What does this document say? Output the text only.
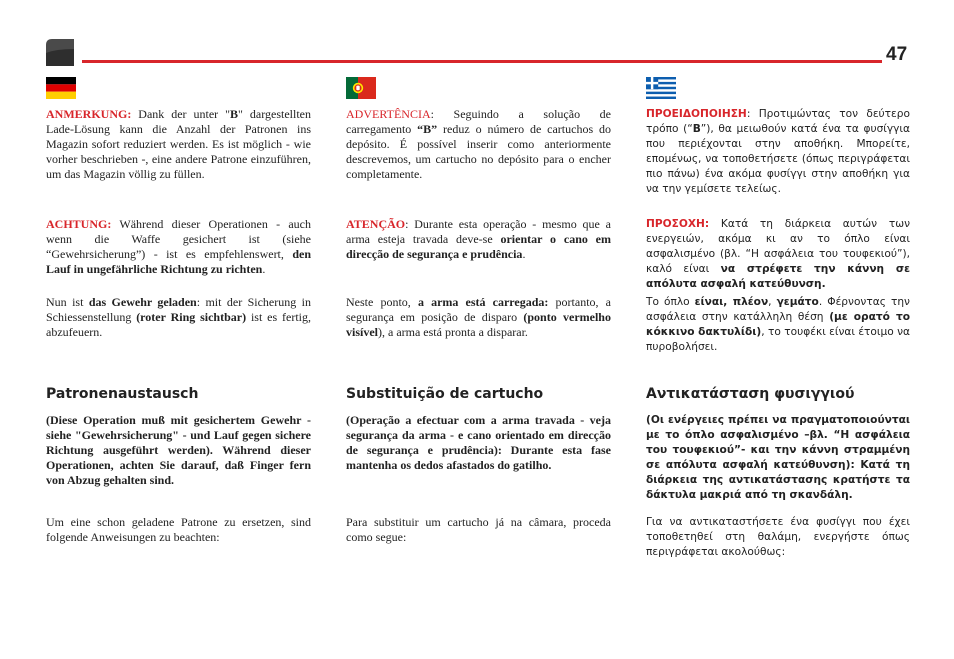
47

ANMERKUNG: Dank der unter "B" dargestellten Lade-Lösung kann die Anzahl der Patronen ins Magazin sofort reduziert werden. Es ist möglich - wie vorher beschrieben -, eine andere Patrone einzuführen, um das Magazin völlig zu füllen.

ACHTUNG: Während dieser Operationen - auch wenn die Waffe gesichert ist (siehe “Gewehrsicherung”) - ist es empfehlenswert, den Lauf in ungefährliche Richtung zu richten.

Nun ist das Gewehr geladen: mit der Sicherung in Schiessenstellung (roter Ring sichtbar) ist es fertig, abzufeuern.

Patronenaustausch

(Diese Operation muß mit gesichertem Gewehr - siehe "Gewehrsicherung" - und Lauf gegen sichere Richtung ausgeführt werden). Während dieser Operationen, achten Sie darauf, daß Finger fern von Abzug gehalten sind.

Um eine schon geladene Patrone zu ersetzen, sind folgende Anweisungen zu beachten:

ADVERTÊNCIA: Seguindo a solução de carregamento “B” reduz o número de cartuchos do depósito. É possível inserir como anteriormente descrevemos, um cartucho no depósito para o encher completamente.

ATENÇÃO: Durante esta operação - mesmo que a arma esteja travada deve-se orientar o cano em direcção de segurança e prudência.

Neste ponto, a arma está carregada: portanto, a segurança em posição de disparo (ponto vermelho visível), a arma está pronta a disparar.

Substituição de cartucho

(Operação a efectuar com a arma travada - veja segurança da arma - e cano orientado em direcção de segurança e prudência): Durante esta fase mantenha os dedos afastados do gatilho.

Para substituir um cartucho já na câmara, proceda como segue:

ΠΡΟΕΙΔΟΠΟΙΗΣΗ: Προτιμώντας τον δεύτερο τρόπο (“B”), θα μειωθούν κατά ένα τα φυσίγγια που περιέχονται στην αποθήκη. Μπορείτε, επομένως, να τοποθετήσετε (όπως περιγράφεται πιο πάνω) ένα ακόμα φυσίγγι στην αποθήκη για να την γεμίσετε τελείως.

ΠΡΟΣΟΧΗ: Κατά τη διάρκεια αυτών των ενεργειών, ακόμα κι αν το όπλο είναι ασφαλισμένο (βλ. “Η ασφάλεια του τουφεκιού”), καλό είναι να στρέφετε την κάννη σε απόλυτα ασφαλή κατεύθυνση.

Το όπλο είναι, πλέον, γεμάτο. Φέρνοντας την ασφάλεια στην κατάλληλη θέση (με ορατό το κόκκινο δακτυλίδι), το τουφέκι είναι έτοιμο να πυροβολήσει.

Αντικατάσταση φυσιγγιού

(Οι ενέργειες πρέπει να πραγματοποιούνται με το όπλο ασφαλισμένο –βλ. “Η ασφάλεια του τουφεκιού”- και την κάννη στραμμένη σε απόλυτα ασφαλή κατεύθυνση): Κατά τη διάρκεια της αντικατάστασης κρατήστε τα δάκτυλα μακριά από τη σκανδάλη.

Για να αντικαταστήσετε ένα φυσίγγι που έχει τοποθετηθεί στη θαλάμη, ενεργήστε όπως περιγράφεται ακολούθως:
